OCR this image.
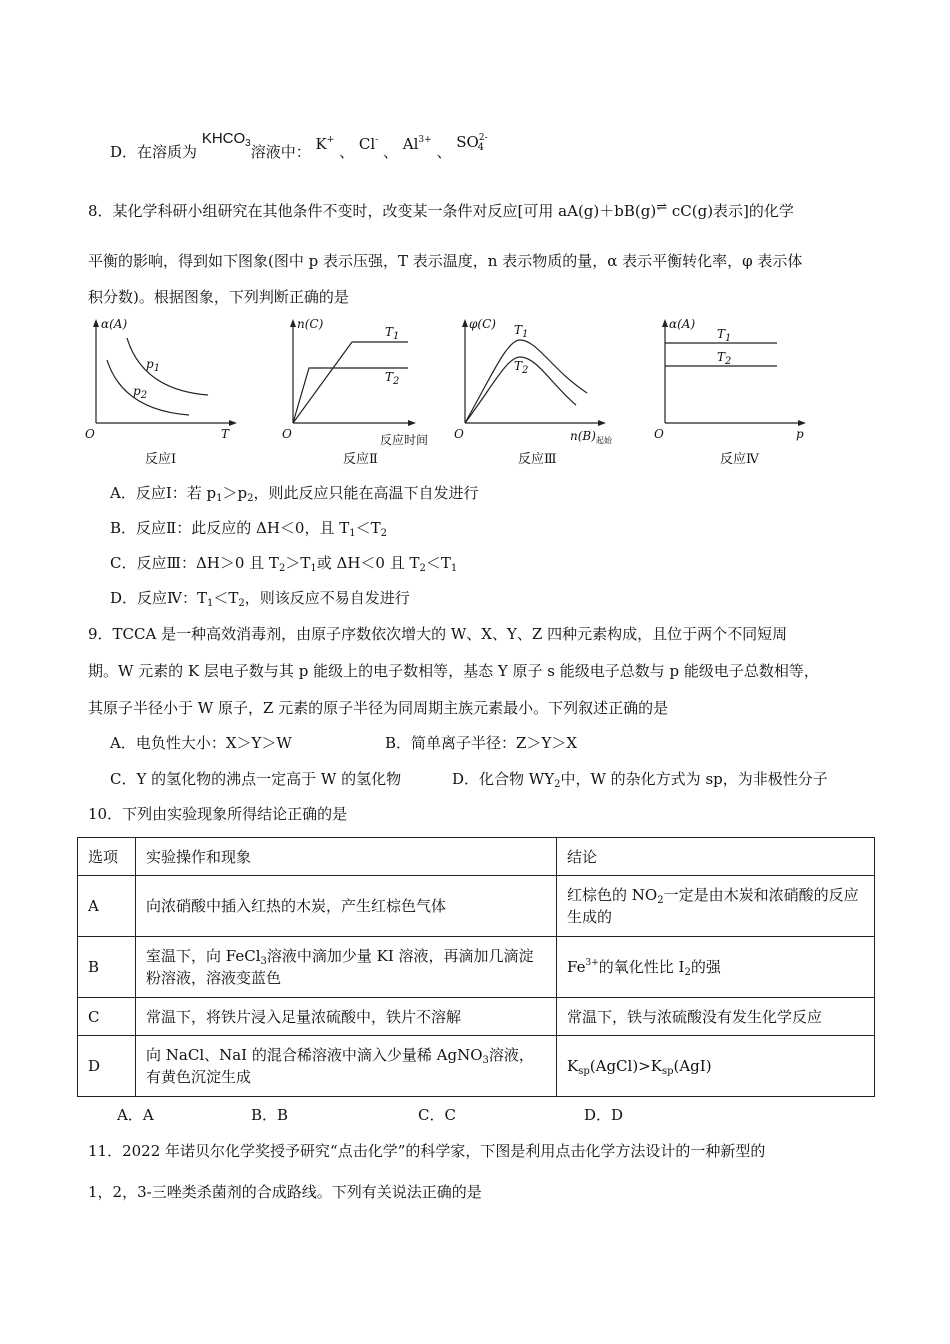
D．在溶质为 $KHCO_3$溶液中： K+ 、 Cl- 、 $Al^{3+}$ 、 $SO^{2-}_4$
8．某化学科研小组研究在其他条件不变时，改变某一条件对反应[可用 aA(g)＋bB(g)⇌ cC(g)表示]的化学
平衡的影响，得到如下图象(图中 p 表示压强，T 表示温度，n 表示物质的量，α 表示平衡转化率，φ 表示体
积分数)。根据图象，下列判断正确的是
α(A)
T
O
$p_1$
$p_2$
反应Ⅰ
n(C)
反应时间
O
$T_1$
$T_2$
反应Ⅱ
φ(C)
$n(B)_{起始}$
O
$T_1$
$T_2$
反应Ⅲ
α(A)
p
O
$T_1$
$T_2$
反应Ⅳ
A．反应Ⅰ：若 $p_1>p_2$，则此反应只能在高温下自发进行
B．反应Ⅱ：此反应的 ΔH＜0，且 $T_1<T_2$
C．反应Ⅲ：ΔH＞0 且 $T_2>T_1$或 ΔH＜0 且 $T_2<T_1$
D．反应Ⅳ：$T_1<T_2$，则该反应不易自发进行
9．TCCA 是一种高效消毒剂，由原子序数依次增大的 W、X、Y、Z 四种元素构成，且位于两个不同短周
期。W 元素的 K 层电子数与其 p 能级上的电子数相等，基态 Y 原子 s 能级电子总数与 p 能级电子总数相等，
其原子半径小于 W 原子，Z 元素的原子半径为同周期主族元素最小。下列叙述正确的是
A．电负性大小：X＞Y＞W	B．简单离子半径：Z＞Y＞X
C．Y 的氢化物的沸点一定高于 W 的氢化物	D．化合物 $WY_2$中，W 的杂化方式为 sp，为非极性分子
10．下列由实验现象所得结论正确的是
选项	实验操作和现象	结论
A	向浓硝酸中插入红热的木炭，产生红棕色气体	红棕色的 $NO_2$一定是由木炭和浓硝酸的反应生成的
B	室温下，向 FeCl$_3$溶液中滴加少量 KI 溶液，再滴加几滴淀粉溶液，溶液变蓝色	$Fe^{3+}$的氧化性比 $I_2$的强
C	常温下，将铁片浸入足量浓硫酸中，铁片不溶解	常温下，铁与浓硫酸没有发生化学反应
D	向 NaCl、NaI 的混合稀溶液中滴入少量稀 AgNO$_3$溶液，有黄色沉淀生成	$K_{sp}(AgCl)>K_{sp}(AgI)$
A．A	B．B	C．C	D．D
11．2022 年诺贝尔化学奖授予研究“点击化学”的科学家，下图是利用点击化学方法设计的一种新型的
1，2，3-三唑类杀菌剂的合成路线。下列有关说法正确的是
